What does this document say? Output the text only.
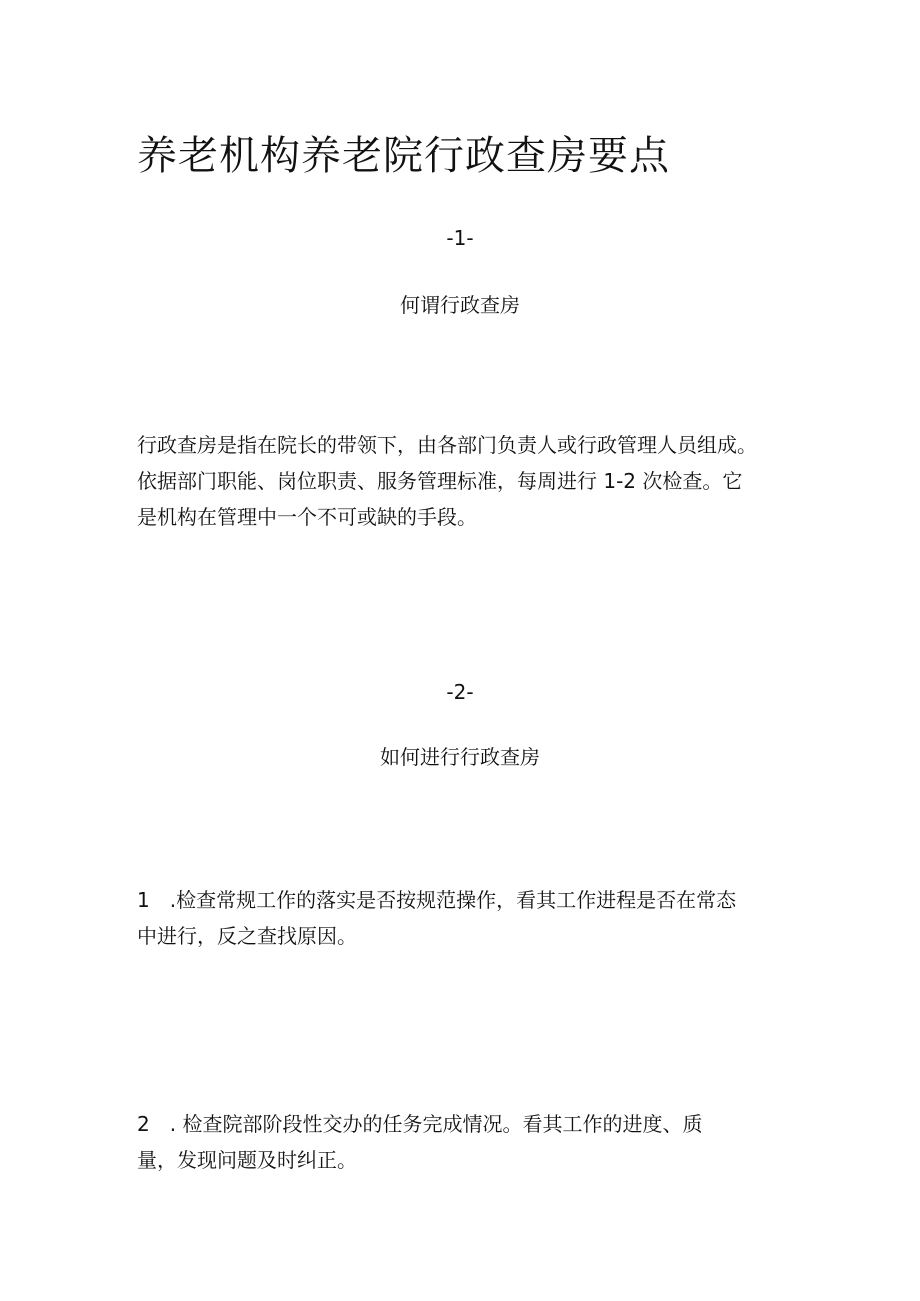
养老机构养老院行政查房要点

-1-

何谓行政查房
行政查房是指在院长的带领下，由各部门负责人或行政管理人员组成。
依据部门职能、岗位职责、服务管理标准，每周进行 1-2 次检查。它
是机构在管理中一个不可或缺的手段。

-2-

如何进行行政查房
1　.检查常规工作的落实是否按规范操作，看其工作进程是否在常态
中进行，反之查找原因。
2　. 检查院部阶段性交办的任务完成情况。看其工作的进度、质
量，发现问题及时纠正。
